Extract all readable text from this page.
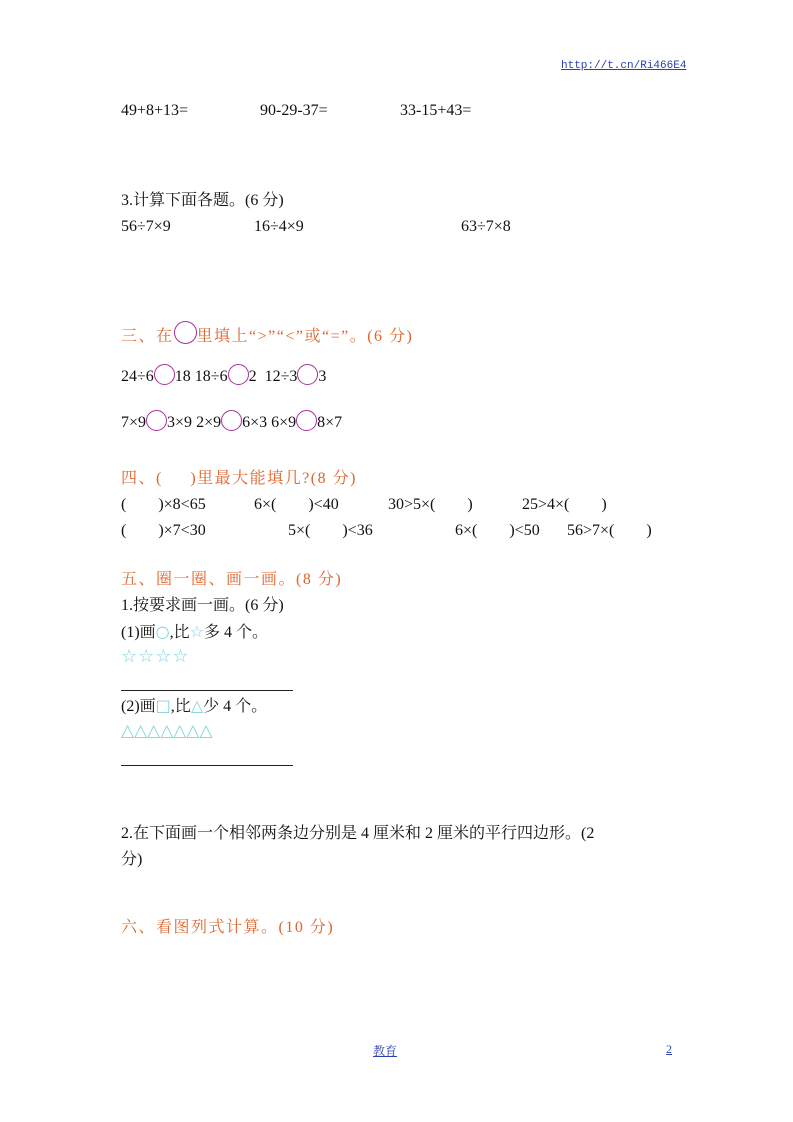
http://t.cn/Ri466E4
49+8+13=	90-29-37=	33-15+43=
3.计算下面各题。(6 分)
56÷7×9	16÷4×9	63÷7×8
三、在 里填上“>”“<”或“=”。(6 分)
24÷6 18 18÷6 2 12÷3 3
7×9 3×9 2×9 6×3 6×9 8×7
四、(     )里最大能填几?(8 分)
(        )×8<65	6×(        )<40	30>5×(        )	25>4×(        )
(        )×7<30	5×(        )<36	6×(        )<50 56>7×(        )
五、圈一圈、画一画。(8 分)
1.按要求画一画。(6 分)
(1)画○,比☆多 4 个。
☆☆☆☆
(2)画□,比△少 4 个。
△△△△△△△
2.在下面画一个相邻两条边分别是 4 厘米和 2 厘米的平行四边形。(2
分)
六、看图列式计算。(10 分)
教育	2
